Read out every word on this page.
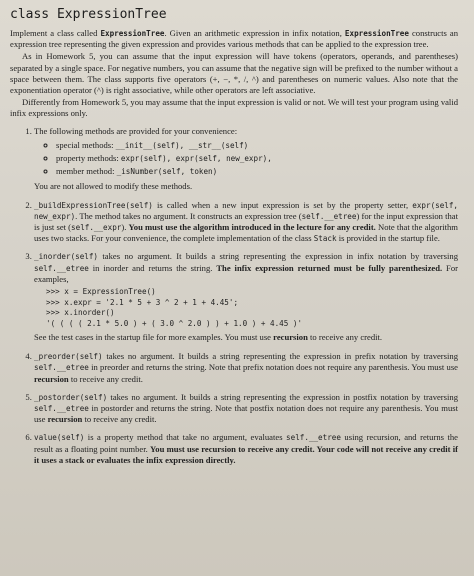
class ExpressionTree

Implement a class called ExpressionTree. Given an arithmetic expression in infix notation, ExpressionTree constructs an expression tree representing the given expression and provides various methods that can be applied to the expression tree.

As in Homework 5, you can assume that the input expression will have tokens (operators, operands, and parentheses) separated by a single space. For negative numbers, you can assume that the negative sign will be prefixed to the number without a space between them. The class supports five operators (+, −, *, /, ^) and parentheses on numeric values. Also note that the exponentiation operator (^) is right associative, while other operators are left associative.

Differently from Homework 5, you may assume that the input expression is valid or not. We will test your program using valid infix expressions only.

1. The following methods are provided for your convenience:
◦ special methods: __init__(self), __str__(self)
◦ property methods: expr(self), expr(self, new_expr),
◦ member method: _isNumber(self, token)
You are not allowed to modify these methods.

2. _buildExpressionTree(self) is called when a new input expression is set by the property setter, expr(self, new_expr). The method takes no argument. It constructs an expression tree (self.__etree) for the input expression that is just set (self.__expr). You must use the algorithm introduced in the lecture for any credit. Note that the algorithm uses two stacks. For your convenience, the complete implementation of the class Stack is provided in the startup file.

3. _inorder(self) takes no argument. It builds a string representing the expression in infix notation by traversing self.__etree in inorder and returns the string. The infix expression returned must be fully parenthesized. For examples,

>>> x = ExpressionTree()
>>> x.expr = '2.1 * 5 + 3 ^ 2 + 1 + 4.45';
>>> x.inorder()
'( ( ( ( 2.1 * 5.0 ) + ( 3.0 ^ 2.0 ) ) + 1.0 ) + 4.45 )'
See the test cases in the startup file for more examples. You must use recursion to receive any credit.

4. _preorder(self) takes no argument. It builds a string representing the expression in prefix notation by traversing self.__etree in preorder and returns the string. Note that prefix notation does not require any parenthesis. You must use recursion to receive any credit.

5. _postorder(self) takes no argument. It builds a string representing the expression in postfix notation by traversing self.__etree in postorder and returns the string. Note that postfix notation does not require any parenthesis. You must use recursion to receive any credit.

6. value(self) is a property method that take no argument, evaluates self.__etree using recursion, and returns the result as a floating point number. You must use recursion to receive any credit. Your code will not receive any credit if it uses a stack or evaluates the infix expression directly.
